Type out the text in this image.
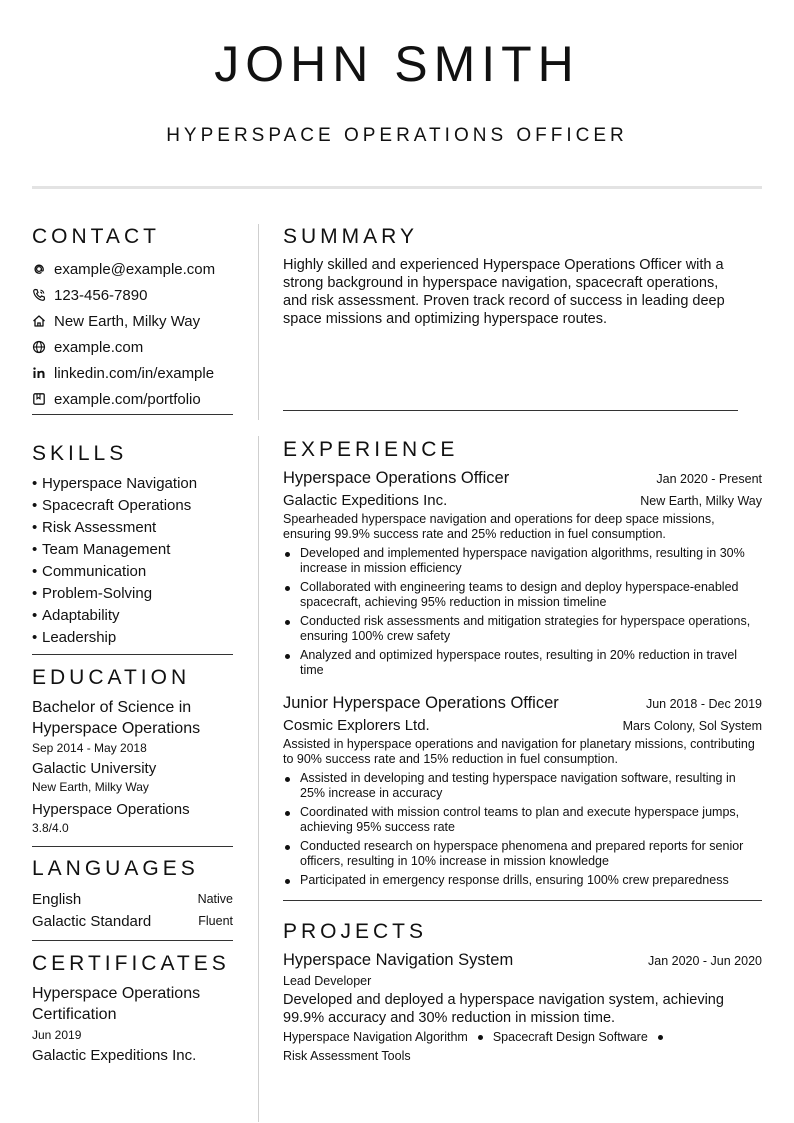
JOHN SMITH
HYPERSPACE OPERATIONS OFFICER
CONTACT
example@example.com
123-456-7890
New Earth, Milky Way
example.com
linkedin.com/in/example
example.com/portfolio
SKILLS
• Hyperspace Navigation
• Spacecraft Operations
• Risk Assessment
• Team Management
• Communication
• Problem-Solving
• Adaptability
• Leadership
EDUCATION
Bachelor of Science in Hyperspace Operations
Sep 2014 - May 2018
Galactic University
New Earth, Milky Way
Hyperspace Operations
3.8/4.0
LANGUAGES
English	Native
Galactic Standard	Fluent
CERTIFICATES
Hyperspace Operations Certification
Jun 2019
Galactic Expeditions Inc.
SUMMARY
Highly skilled and experienced Hyperspace Operations Officer with a strong background in hyperspace navigation, spacecraft operations, and risk assessment. Proven track record of success in leading deep space missions and optimizing hyperspace routes.
EXPERIENCE
Hyperspace Operations Officer	Jan 2020 - Present
Galactic Expeditions Inc.	New Earth, Milky Way
Spearheaded hyperspace navigation and operations for deep space missions, ensuring 99.9% success rate and 25% reduction in fuel consumption.
Developed and implemented hyperspace navigation algorithms, resulting in 30% increase in mission efficiency
Collaborated with engineering teams to design and deploy hyperspace-enabled spacecraft, achieving 95% reduction in mission timeline
Conducted risk assessments and mitigation strategies for hyperspace operations, ensuring 100% crew safety
Analyzed and optimized hyperspace routes, resulting in 20% reduction in travel time
Junior Hyperspace Operations Officer	Jun 2018 - Dec 2019
Cosmic Explorers Ltd.	Mars Colony, Sol System
Assisted in hyperspace operations and navigation for planetary missions, contributing to 90% success rate and 15% reduction in fuel consumption.
Assisted in developing and testing hyperspace navigation software, resulting in 25% increase in accuracy
Coordinated with mission control teams to plan and execute hyperspace jumps, achieving 95% success rate
Conducted research on hyperspace phenomena and prepared reports for senior officers, resulting in 10% increase in mission knowledge
Participated in emergency response drills, ensuring 100% crew preparedness
PROJECTS
Hyperspace Navigation System	Jan 2020 - Jun 2020
Lead Developer
Developed and deployed a hyperspace navigation system, achieving 99.9% accuracy and 30% reduction in mission time.
Hyperspace Navigation Algorithm Spacecraft Design Software
Risk Assessment Tools
